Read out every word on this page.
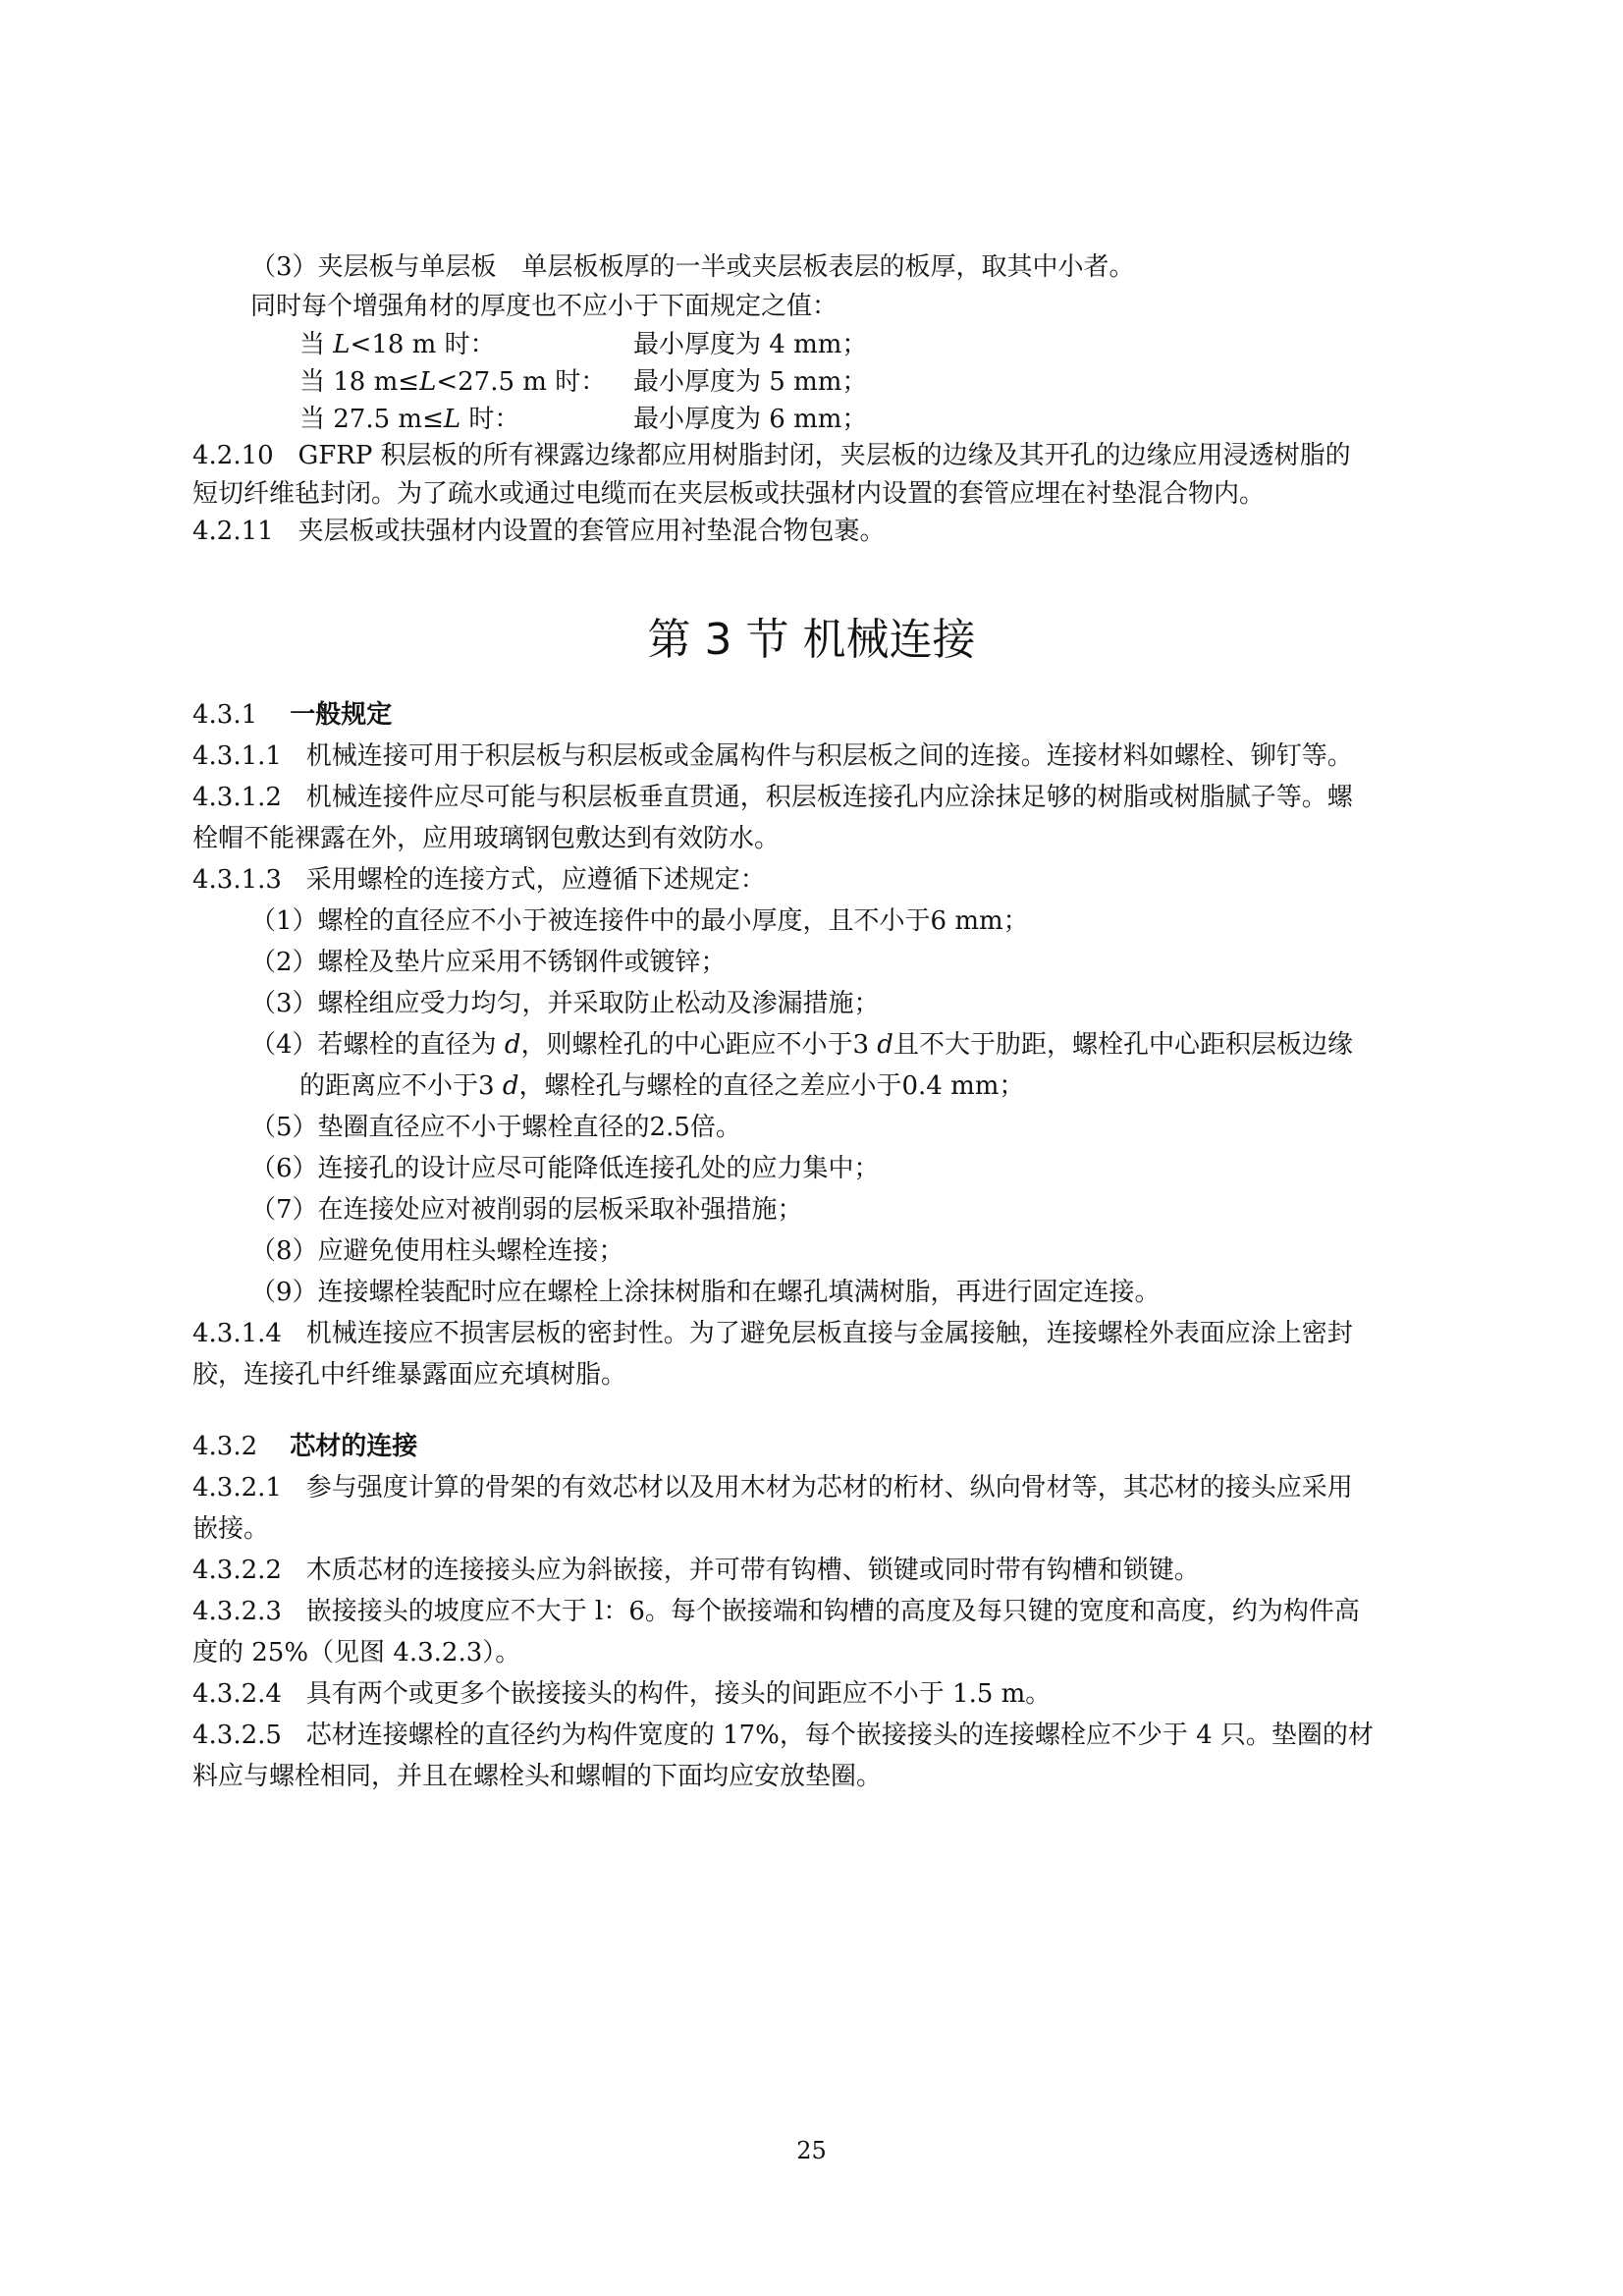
（3）夹层板与单层板　单层板板厚的一半或夹层板表层的板厚，取其中小者。
同时每个增强角材的厚度也不应小于下面规定之值：
当 L<18 m 时：	最小厚度为 4 mm；
当 18 m≤L<27.5 m 时： 最小厚度为 5 mm；
当 27.5 m≤L 时：	最小厚度为 6 mm；
4.2.10 GFRP 积层板的所有裸露边缘都应用树脂封闭，夹层板的边缘及其开孔的边缘应用浸透树脂的
短切纤维毡封闭。为了疏水或通过电缆而在夹层板或扶强材内设置的套管应埋在衬垫混合物内。
4.2.11 夹层板或扶强材内设置的套管应用衬垫混合物包裹。
第 3 节 机械连接
4.3.1 一般规定
4.3.1.1 机械连接可用于积层板与积层板或金属构件与积层板之间的连接。连接材料如螺栓、铆钉等。
4.3.1.2 机械连接件应尽可能与积层板垂直贯通，积层板连接孔内应涂抹足够的树脂或树脂腻子等。螺
栓帽不能裸露在外，应用玻璃钢包敷达到有效防水。
4.3.1.3 采用螺栓的连接方式，应遵循下述规定：
（1）螺栓的直径应不小于被连接件中的最小厚度，且不小于6 mm；
（2）螺栓及垫片应采用不锈钢件或镀锌；
（3）螺栓组应受力均匀，并采取防止松动及渗漏措施；
（4）若螺栓的直径为 d，则螺栓孔的中心距应不小于3 d且不大于肋距，螺栓孔中心距积层板边缘
的距离应不小于3 d，螺栓孔与螺栓的直径之差应小于0.4 mm；
（5）垫圈直径应不小于螺栓直径的2.5倍。
（6）连接孔的设计应尽可能降低连接孔处的应力集中；
（7）在连接处应对被削弱的层板采取补强措施；
（8）应避免使用柱头螺栓连接；
（9）连接螺栓装配时应在螺栓上涂抹树脂和在螺孔填满树脂，再进行固定连接。
4.3.1.4 机械连接应不损害层板的密封性。为了避免层板直接与金属接触，连接螺栓外表面应涂上密封
胶，连接孔中纤维暴露面应充填树脂。
4.3.2 芯材的连接
4.3.2.1 参与强度计算的骨架的有效芯材以及用木材为芯材的桁材、纵向骨材等，其芯材的接头应采用
嵌接。
4.3.2.2 木质芯材的连接接头应为斜嵌接，并可带有钩槽、锁键或同时带有钩槽和锁键。
4.3.2.3 嵌接接头的坡度应不大于 l：6。每个嵌接端和钩槽的高度及每只键的宽度和高度，约为构件高
度的 25%（见图 4.3.2.3）。
4.3.2.4 具有两个或更多个嵌接接头的构件，接头的间距应不小于 1.5 m。
4.3.2.5 芯材连接螺栓的直径约为构件宽度的 17%，每个嵌接接头的连接螺栓应不少于 4 只。垫圈的材
料应与螺栓相同，并且在螺栓头和螺帽的下面均应安放垫圈。
25
